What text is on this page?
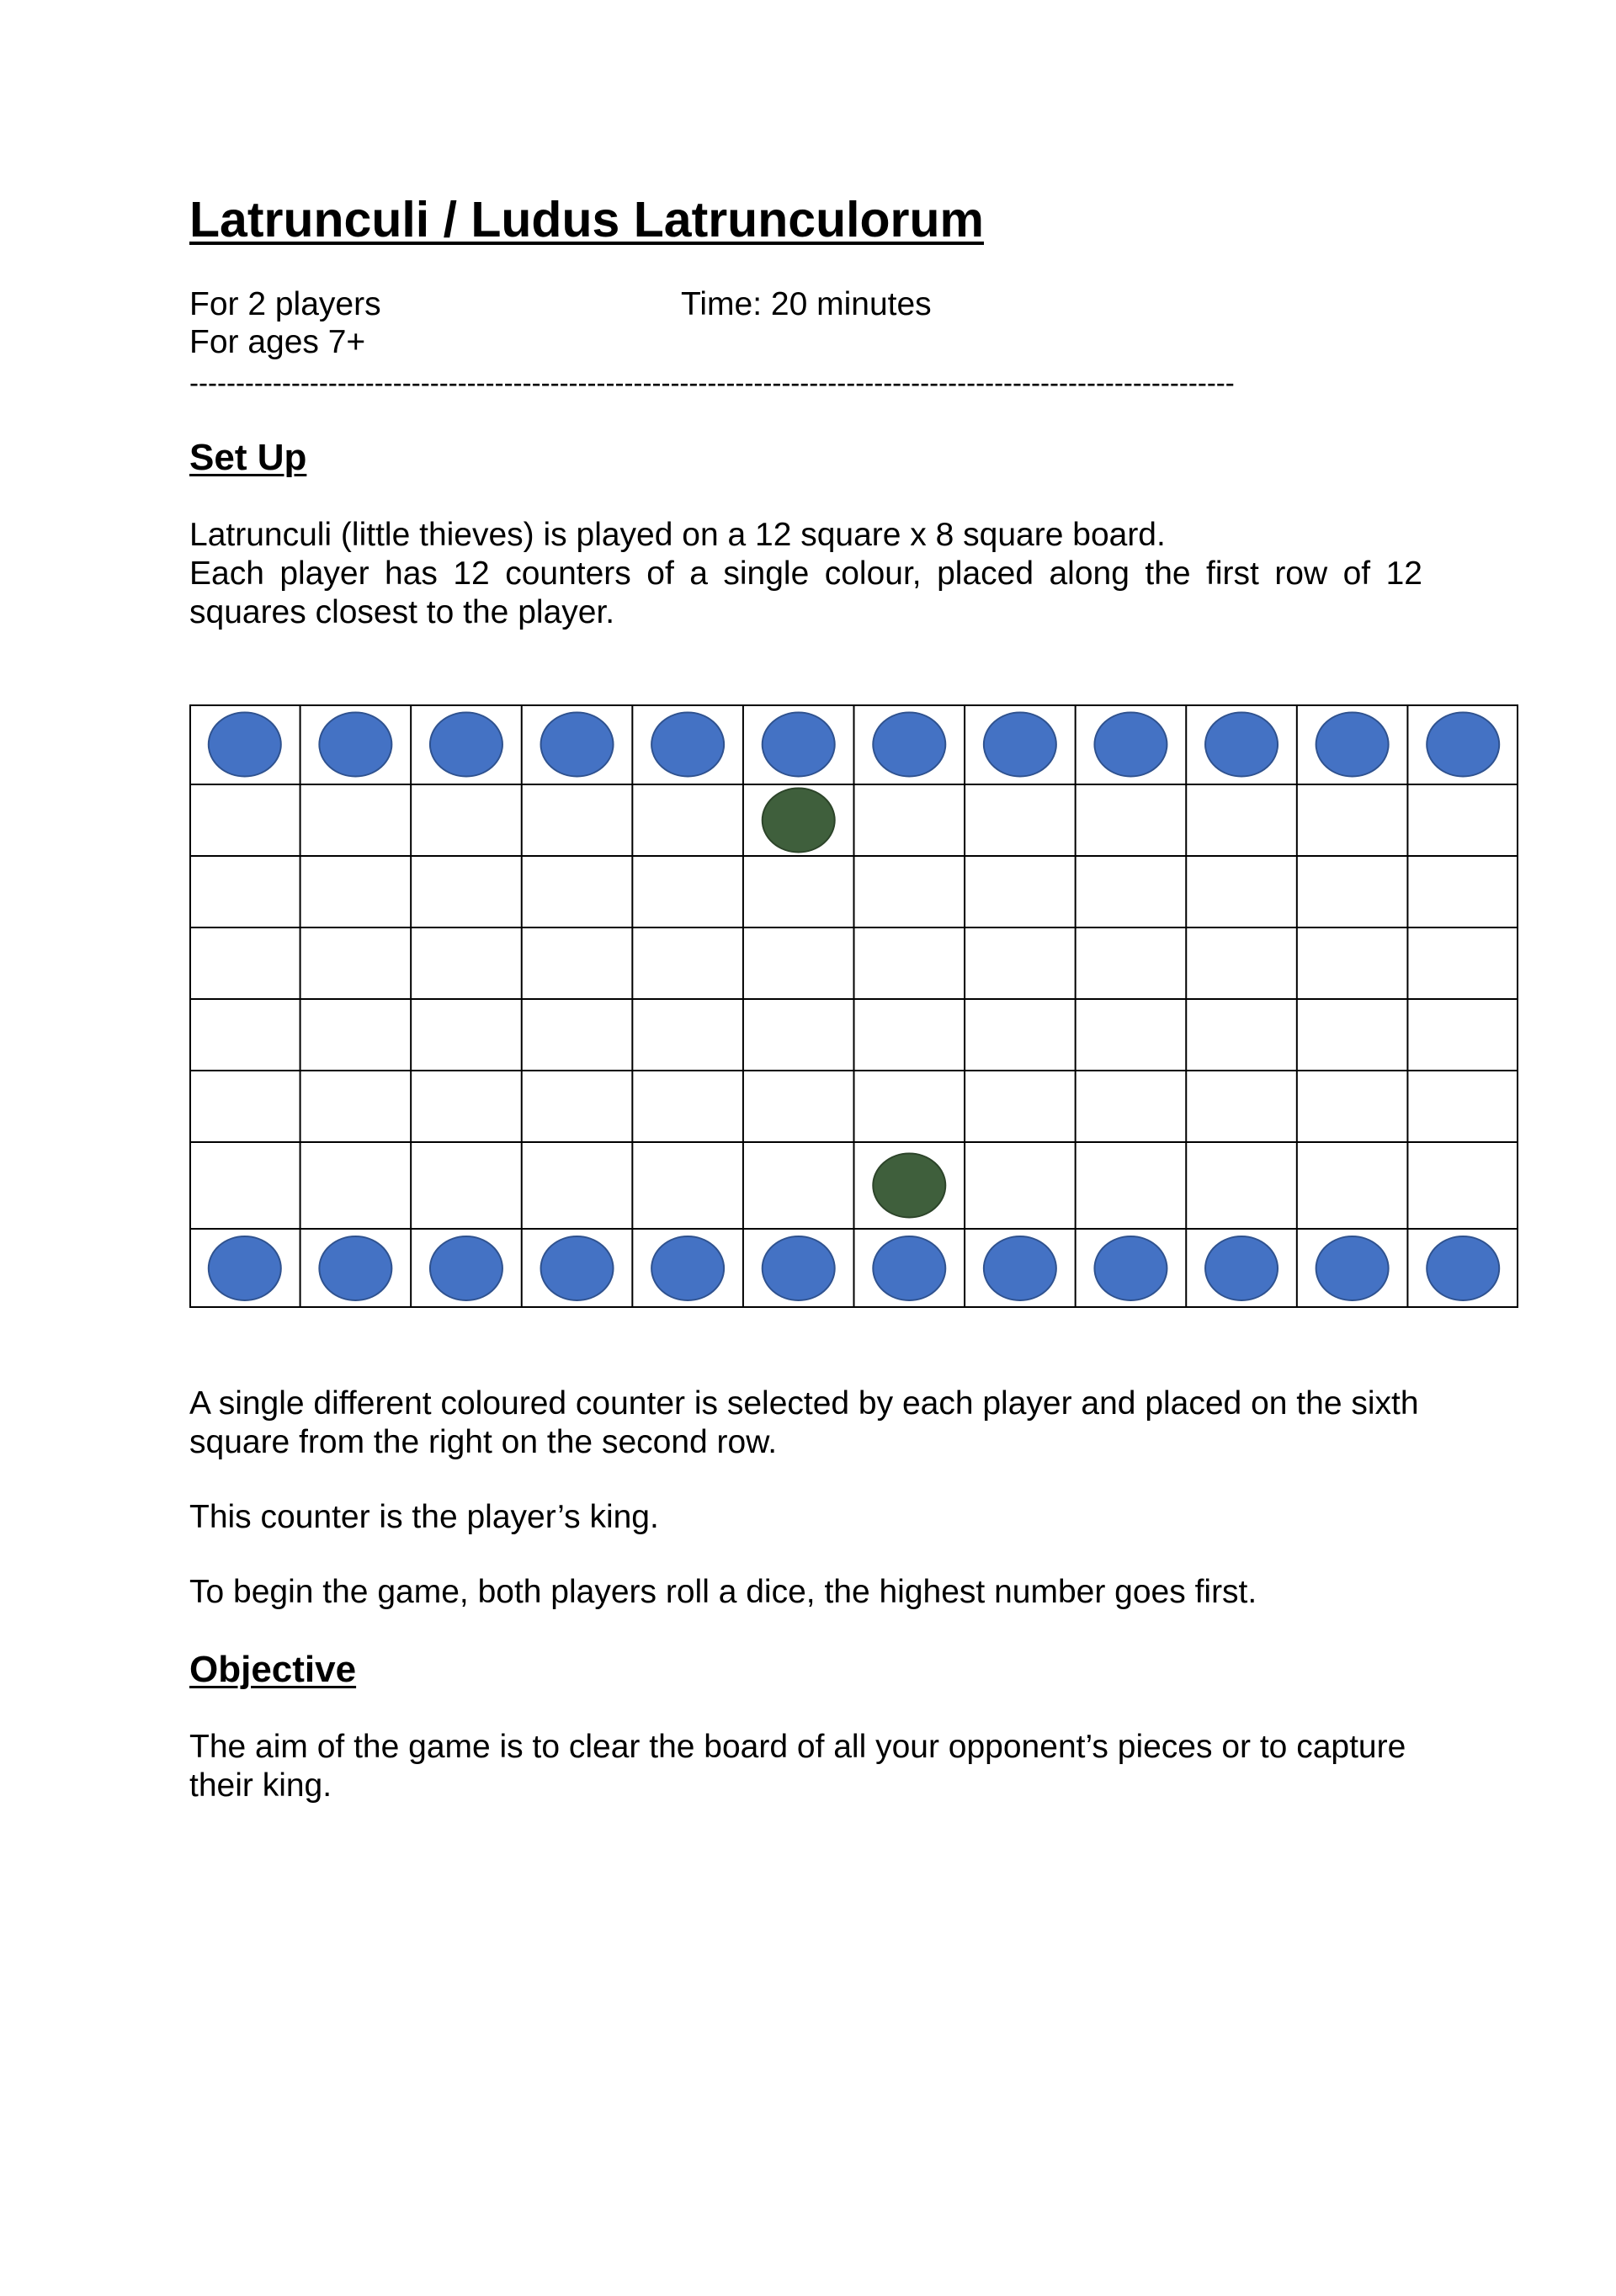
Latrunculi / Ludus Latrunculorum
For 2 players
For ages 7+
Time: 20 minutes
-----------------------------------------------------------------------------------------------------------------
Set Up

Latrunculi (little thieves) is played on a 12 square x 8 square board.

Each player has 12 counters of a single colour, placed along the first row of 12 squares closest to the player.

A single different coloured counter is selected by each player and placed on the sixth square from the right on the second row.

This counter is the player’s king.

To begin the game, both players roll a dice, the highest number goes first.

Objective

The aim of the game is to clear the board of all your opponent’s pieces or to capture their king.
